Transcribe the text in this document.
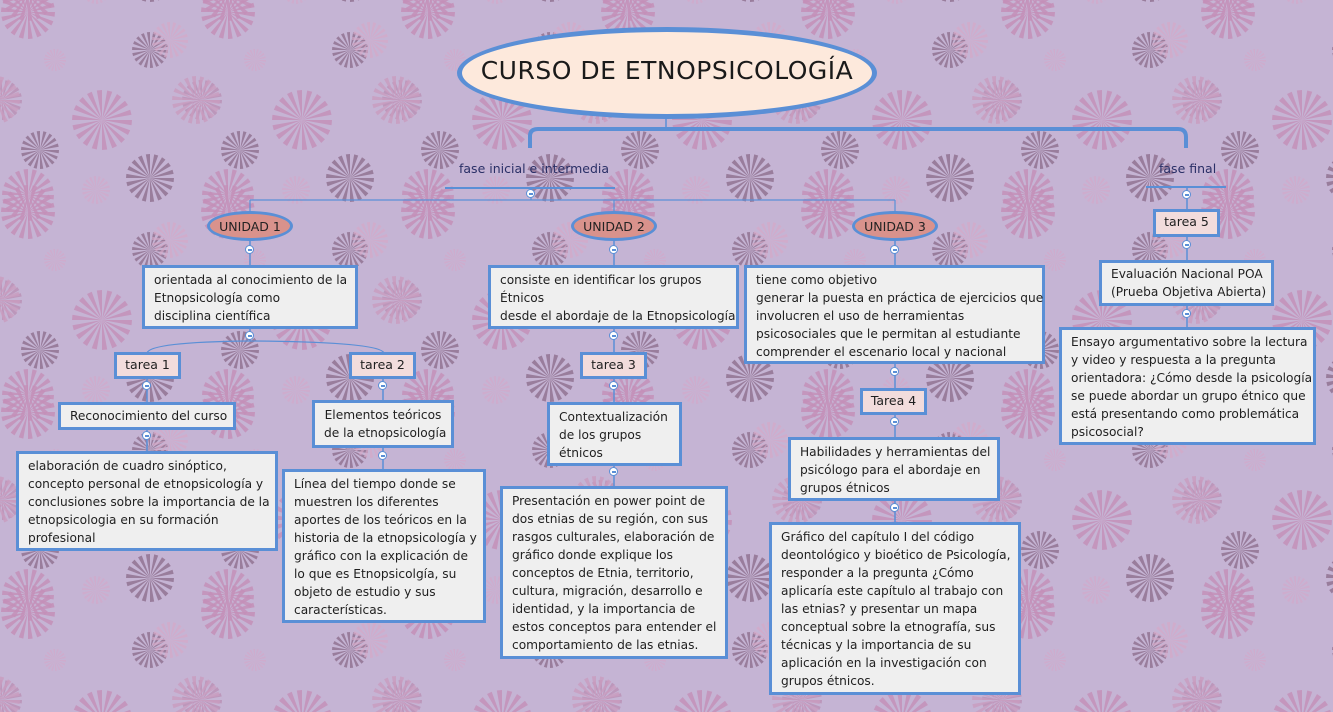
CURSO DE ETNOPSICOLOGÍA
fase inicial e intermedia	fase final
UNIDAD 1	UNIDAD 2	UNIDAD 3
orientada al conocimiento de la
Etnopsicología como
disciplina científica
consiste en identificar los grupos
Étnicos
desde el abordaje de la Etnopsicología
tiene como objetivo
generar la puesta en práctica de ejercicios que
involucren el uso de herramientas
psicosociales que le permitan al estudiante
comprender el escenario local y nacional
tarea 1	tarea 2	tarea 3
Tarea 4
tarea 5
Reconocimiento del curso	Elementos teóricos
de la etnopsicología
Contextualización
de los grupos
étnicos	Habilidades y herramientas del
psicólogo para el abordaje en
grupos étnicos
Evaluación Nacional POA
(Prueba Objetiva Abierta)
elaboración de cuadro sinóptico,
concepto personal de etnopsicología y
conclusiones sobre la importancia de la
etnopsicologia en su formación
profesional
Línea del tiempo donde se
muestren los diferentes
aportes de los teóricos en la
historia de la etnopsicología y
gráfico con la explicación de
lo que es Etnopsicolgía, su
objeto de estudio y sus
características.
Presentación en power point de
dos etnias de su región, con sus
rasgos culturales, elaboración de
gráfico donde explique los
conceptos de Etnia, territorio,
cultura, migración, desarrollo e
identidad, y la importancia de
estos conceptos para entender el
comportamiento de las etnias.
Gráfico del capítulo I del código
deontológico y bioético de Psicología,
responder a la pregunta ¿Cómo
aplicaría este capítulo al trabajo con
las etnias? y presentar un mapa
conceptual sobre la etnografía, sus
técnicas y la importancia de su
aplicación en la investigación con
grupos étnicos.
Ensayo argumentativo sobre la lectura
y video y respuesta a la pregunta
orientadora: ¿Cómo desde la psicología
se puede abordar un grupo étnico que
está presentando como problemática
psicosocial?
